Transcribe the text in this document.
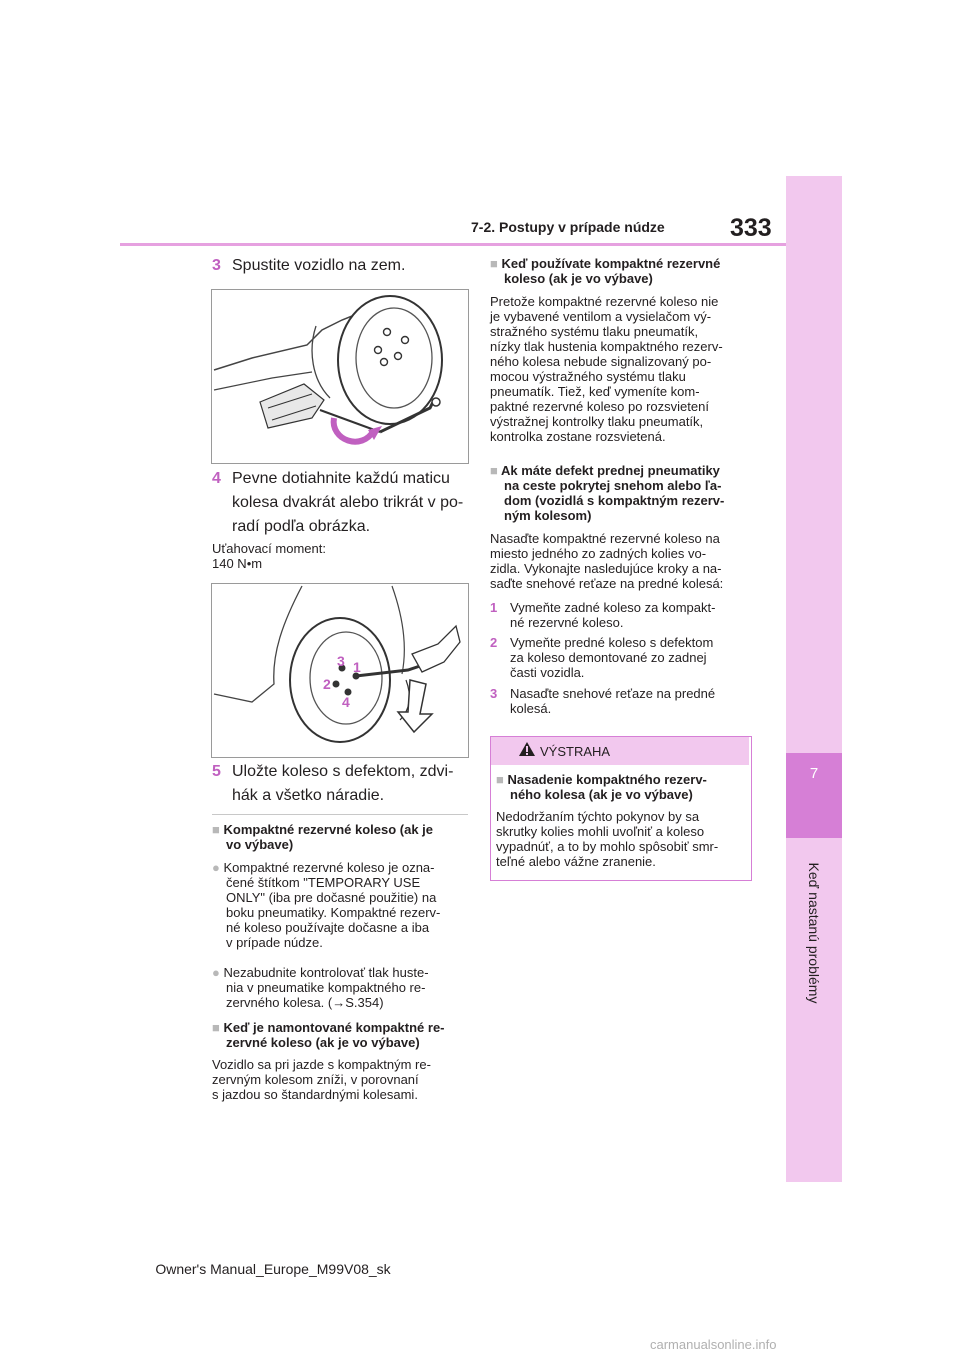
7
Keď nastanú problémy
7-2. Postupy v prípade núdze	333
3 Spustite vozidlo na zem.
4 Pevne dotiahnite každú maticu
kolesa dvakrát alebo trikrát v po-
radí podľa obrázka.
Uťahovací moment:
140 N•m
3 1
2
4
5 Uložte koleso s defektom, zdvi-
hák a všetko náradie.
■ Kompaktné rezervné koleso (ak je
vo výbave)
● Kompaktné rezervné koleso je ozna-
čené štítkom "TEMPORARY USE
ONLY" (iba pre dočasné použitie) na
boku pneumatiky. Kompaktné rezerv-
né koleso používajte dočasne a iba
v prípade núdze.
● Nezabudnite kontrolovať tlak huste-
nia v pneumatike kompaktného re-
zervného kolesa. (→S.354)
■ Keď je namontované kompaktné re-
zervné koleso (ak je vo výbave)
Vozidlo sa pri jazde s kompaktným re-
zervným kolesom zníži, v porovnaní
s jazdou so štandardnými kolesami.
■ Keď používate kompaktné rezervné
koleso (ak je vo výbave)
Pretože kompaktné rezervné koleso nie
je vybavené ventilom a vysielačom vý-
stražného systému tlaku pneumatík,
nízky tlak hustenia kompaktného rezerv-
ného kolesa nebude signalizovaný po-
mocou výstražného systému tlaku
pneumatík. Tiež, keď vymeníte kom-
paktné rezervné koleso po rozsvietení
výstražnej kontrolky tlaku pneumatík,
kontrolka zostane rozsvietená.
■ Ak máte defekt prednej pneumatiky
na ceste pokrytej snehom alebo ľa-
dom (vozidlá s kompaktným rezerv-
ným kolesom)
Nasaďte kompaktné rezervné koleso na
miesto jedného zo zadných kolies vo-
zidla. Vykonajte nasledujúce kroky a na-
saďte snehové reťaze na predné kolesá:
1 Vymeňte zadné koleso za kompakt-
né rezervné koleso.
2 Vymeňte predné koleso s defektom
za koleso demontované zo zadnej
časti vozidla.
3 Nasaďte snehové reťaze na predné
kolesá.
VÝSTRAHA
■ Nasadenie kompaktného rezerv-
ného kolesa (ak je vo výbave)
Nedodržaním týchto pokynov by sa
skrutky kolies mohli uvoľniť a koleso
vypadnúť, a to by mohlo spôsobiť smr-
teľné alebo vážne zranenie.
Owner's Manual_Europe_M99V08_sk
carmanualsonline.info
